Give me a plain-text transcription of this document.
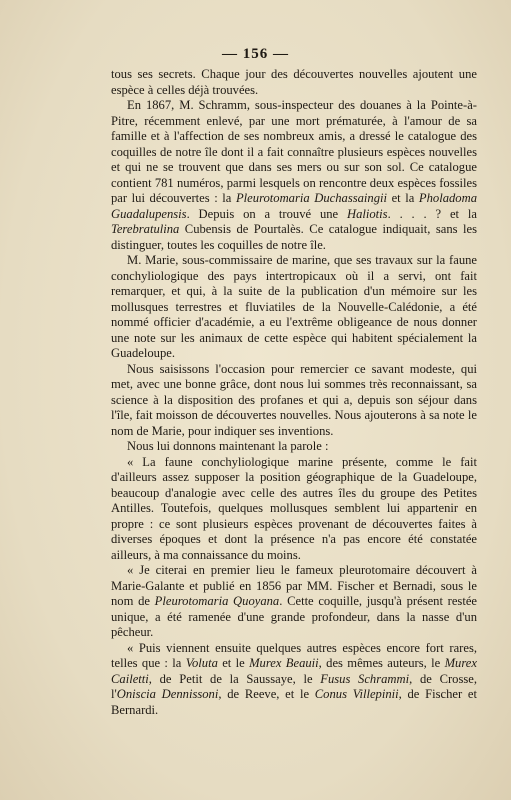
— 156 —

tous ses secrets. Chaque jour des découvertes nouvelles ajoutent une espèce à celles déjà trouvées.

En 1867, M. Schramm, sous-inspecteur des douanes à la Pointe-à-Pitre, récemment enlevé, par une mort prématurée, à l'amour de sa famille et à l'affection de ses nombreux amis, a dressé le catalogue des coquilles de notre île dont il a fait connaître plusieurs espèces nouvelles et qui ne se trouvent que dans ses mers ou sur son sol. Ce catalogue contient 781 numéros, parmi lesquels on rencontre deux espèces fossiles par lui découvertes : la Pleurotomaria Duchassaingii et la Pholadoma Guadalupensis. Depuis on a trouvé une Haliotis. . . . ? et la Terebratulina Cubensis de Pourtalès. Ce catalogue indiquait, sans les distinguer, toutes les coquilles de notre île.

M. Marie, sous-commissaire de marine, que ses travaux sur la faune conchyliologique des pays intertropicaux où il a servi, ont fait remarquer, et qui, à la suite de la publication d'un mémoire sur les mollusques terrestres et fluviatiles de la Nouvelle-Calédonie, a été nommé officier d'académie, a eu l'extrême obligeance de nous donner une note sur les animaux de cette espèce qui habitent spécialement la Guadeloupe.

Nous saisissons l'occasion pour remercier ce savant modeste, qui met, avec une bonne grâce, dont nous lui sommes très reconnaissant, sa science à la disposition des profanes et qui a, depuis son séjour dans l'île, fait moisson de découvertes nouvelles. Nous ajouterons à sa note le nom de Marie, pour indiquer ses inventions.

Nous lui donnons maintenant la parole :

« La faune conchyliologique marine présente, comme le fait d'ailleurs assez supposer la position géographique de la Guadeloupe, beaucoup d'analogie avec celle des autres îles du groupe des Petites Antilles. Toutefois, quelques mollusques semblent lui appartenir en propre : ce sont plusieurs espèces provenant de découvertes faites à diverses époques et dont la présence n'a pas encore été constatée ailleurs, à ma connaissance du moins.

« Je citerai en premier lieu le fameux pleurotomaire découvert à Marie-Galante et publié en 1856 par MM. Fischer et Bernadi, sous le nom de Pleurotomaria Quoyana. Cette coquille, jusqu'à présent restée unique, a été ramenée d'une grande profondeur, dans la nasse d'un pêcheur.

« Puis viennent ensuite quelques autres espèces encore fort rares, telles que : la Voluta et le Murex Beauii, des mêmes auteurs, le Murex Cailetti, de Petit de la Saussaye, le Fusus Schrammi, de Crosse, l'Oniscia Dennissoni, de Reeve, et le Conus Villepinii, de Fischer et Bernardi.
